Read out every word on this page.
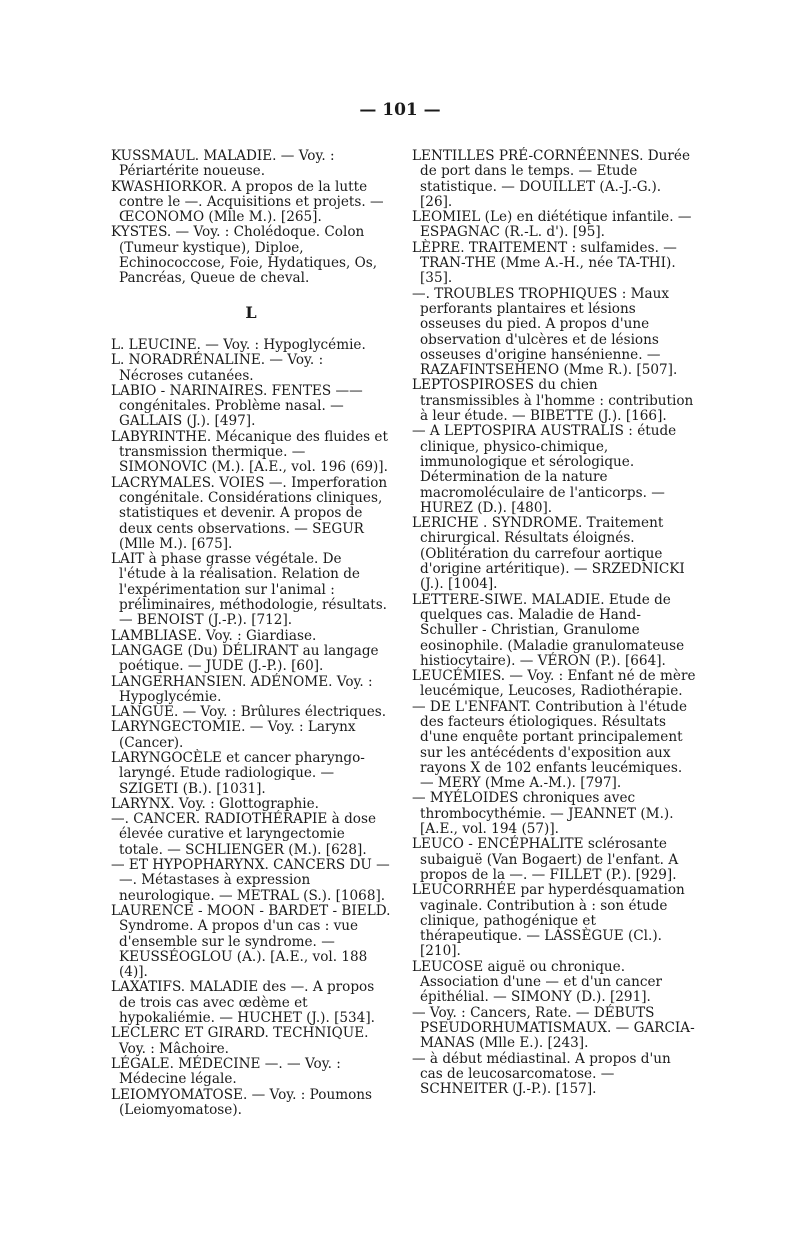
— 101 —

KUSSMAUL. MALADIE. — Voy. : Périartérite noueuse.

KWASHIORKOR. A propos de la lutte contre le —. Acquisitions et projets. — ŒCONOMO (Mlle M.). [265].

KYSTES. — Voy. : Cholédoque. Colon (Tumeur kystique), Diploe, Echinococcose, Foie, Hydatiques, Os, Pancréas, Queue de cheval.

L

L. LEUCINE. — Voy. : Hypoglycémie.

L. NORADRÉNALINE. — Voy. : Nécroses cutanées.

LABIO - NARINAIRES. FENTES —— congénitales. Problème nasal. — GALLAIS (J.). [497].

LABYRINTHE. Mécanique des fluides et transmission thermique. — SIMONOVIC (M.). [A.E., vol. 196 (69)].

LACRYMALES. VOIES —. Imperforation congénitale. Considérations cliniques, statistiques et devenir. A propos de deux cents observations. — SEGUR (Mlle M.). [675].

LAIT à phase grasse végétale. De l'étude à la réalisation. Relation de l'expérimentation sur l'animal : préliminaires, méthodologie, résultats. — BENOIST (J.-P.). [712].

LAMBLIASE. Voy. : Giardiase.

LANGAGE (Du) DÉLIRANT au langage poétique. — JUDE (J.-P.). [60].

LANGERHANSIEN. ADÉNOME. Voy. : Hypoglycémie.

LANGUE. — Voy. : Brûlures électriques.

LARYNGECTOMIE. — Voy. : Larynx (Cancer).

LARYNGOCÈLE et cancer pharyngo-laryngé. Etude radiologique. — SZIGETI (B.). [1031].

LARYNX. Voy. : Glottographie.

—. CANCER. RADIOTHÉRAPIE à dose élevée curative et laryngectomie totale. — SCHLIENGER (M.). [628].

— ET HYPOPHARYNX. CANCERS DU — —. Métastases à expression neurologique. — METRAL (S.). [1068].

LAURENCE - MOON - BARDET - BIELD. Syndrome. A propos d'un cas : vue d'ensemble sur le syndrome. — KEUSSÉOGLOU (A.). [A.E., vol. 188 (4)].

LAXATIFS. MALADIE des —. A propos de trois cas avec œdème et hypokaliémie. — HUCHET (J.). [534].

LECLERC ET GIRARD. TECHNIQUE. Voy. : Mâchoire.

LÉGALE. MÉDECINE —. — Voy. : Médecine légale.

LEIOMYOMATOSE. — Voy. : Poumons (Leiomyomatose).

LENTILLES PRÉ-CORNÉENNES. Durée de port dans le temps. — Etude statistique. — DOUILLET (A.-J.-G.). [26].

LEOMIEL (Le) en diététique infantile. — ESPAGNAC (R.-L. d'). [95].

LÈPRE. TRAITEMENT : sulfamides. — TRAN-THE (Mme A.-H., née TA-THI). [35].

—. TROUBLES TROPHIQUES : Maux perforants plantaires et lésions osseuses du pied. A propos d'une observation d'ulcères et de lésions osseuses d'origine hansénienne. — RAZAFINTSEHENO (Mme R.). [507].

LEPTOSPIROSES du chien transmissibles à l'homme : contribution à leur étude. — BIBETTE (J.). [166].

— A LEPTOSPIRA AUSTRALIS : étude clinique, physico-chimique, immunologique et sérologique. Détermination de la nature macromoléculaire de l'anticorps. — HUREZ (D.). [480].

LERICHE . SYNDROME. Traitement chirurgical. Résultats éloignés. (Oblitération du carrefour aortique d'origine artéritique). — SRZEDNICKI (J.). [1004].

LETTERE-SIWE. MALADIE. Etude de quelques cas. Maladie de Hand-Schuller - Christian, Granulome eosinophile. (Maladie granulomateuse histiocytaire). — VÉRON (P.). [664].

LEUCÉMIES. — Voy. : Enfant né de mère leucémique, Leucoses, Radiothérapie.

— DE L'ENFANT. Contribution à l'étude des facteurs étiologiques. Résultats d'une enquête portant principalement sur les antécédents d'exposition aux rayons X de 102 enfants leucémiques. — MERY (Mme A.-M.). [797].

— MYÉLOIDES chroniques avec thrombocythémie. — JEANNET (M.). [A.E., vol. 194 (57)].

LEUCO - ENCÉPHALITE sclérosante subaiguë (Van Bogaert) de l'enfant. A propos de la —. — FILLET (P.). [929].

LEUCORRHÉE par hyperdésquamation vaginale. Contribution à : son étude clinique, pathogénique et thérapeutique. — LASSÈGUE (Cl.). [210].

LEUCOSE aiguë ou chronique. Association d'une — et d'un cancer épithélial. — SIMONY (D.). [291].

— Voy. : Cancers, Rate. — DÉBUTS PSEUDORHUMATISMAUX. — GARCIA-MANAS (Mlle E.). [243].

— à début médiastinal. A propos d'un cas de leucosarcomatose. — SCHNEITER (J.-P.). [157].
